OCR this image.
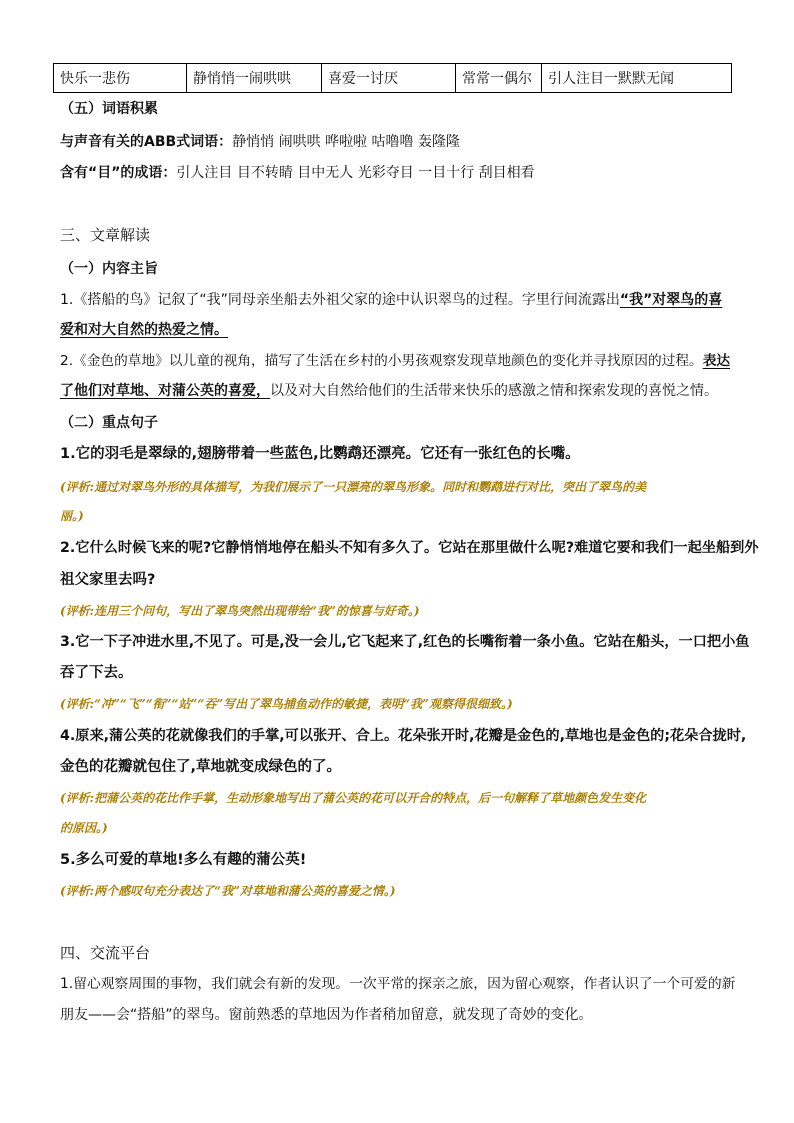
快乐一悲伤	静悄悄一闹哄哄	喜爱一讨厌	常常一偶尔	引人注目一默默无闻
（五）词语积累
与声音有关的ABB式词语：静悄悄 闹哄哄 哗啦啦 咕噜噜 轰隆隆
含有“目”的成语：引人注目 目不转睛 目中无人 光彩夺目 一目十行 刮目相看
三、文章解读
（一）内容主旨
1.《搭船的鸟》记叙了“我”同母亲坐船去外祖父家的途中认识翠鸟的过程。字里行间流露出“我”对翠鸟的喜
爱和对大自然的热爱之情。
2.《金色的草地》以儿童的视角，描写了生活在乡村的小男孩观察发现草地颜色的变化并寻找原因的过程。表达
了他们对草地、对蒲公英的喜爱，以及对大自然给他们的生活带来快乐的感激之情和探索发现的喜悦之情。
（二）重点句子
1.它的羽毛是翠绿的,翅膀带着一些蓝色,比鹦鹉还漂亮。它还有一张红色的长嘴。
(评析:通过对翠鸟外形的具体描写，为我们展示了一只漂亮的翠鸟形象。同时和鹦鹉进行对比，突出了翠鸟的美
丽。)
2.它什么时候飞来的呢?它静悄悄地停在船头不知有多久了。它站在那里做什么呢?难道它要和我们一起坐船到外
祖父家里去吗?
(评析:连用三个问句，写出了翠鸟突然出现带给“我”的惊喜与好奇。)
3.它一下子冲进水里,不见了。可是,没一会儿,它飞起来了,红色的长嘴衔着一条小鱼。它站在船头，一口把小鱼
吞了下去。
(评析:“冲”“飞”“衔”“站”“吞”写出了翠鸟捕鱼动作的敏捷，表明“我”观察得很细致。)
4.原来,蒲公英的花就像我们的手掌,可以张开、合上。花朵张开时,花瓣是金色的,草地也是金色的;花朵合拢时,
金色的花瓣就包住了,草地就变成绿色的了。
(评析:把蒲公英的花比作手掌，生动形象地写出了蒲公英的花可以开合的特点，后一句解释了草地颜色发生变化
的原因。)
5.多么可爱的草地!多么有趣的蒲公英!
(评析:两个感叹句充分表达了“我”对草地和蒲公英的喜爱之情。)
四、交流平台
1.留心观察周围的事物，我们就会有新的发现。一次平常的探亲之旅，因为留心观察，作者认识了一个可爱的新
朋友——会“搭船”的翠鸟。窗前熟悉的草地因为作者稍加留意，就发现了奇妙的变化。
